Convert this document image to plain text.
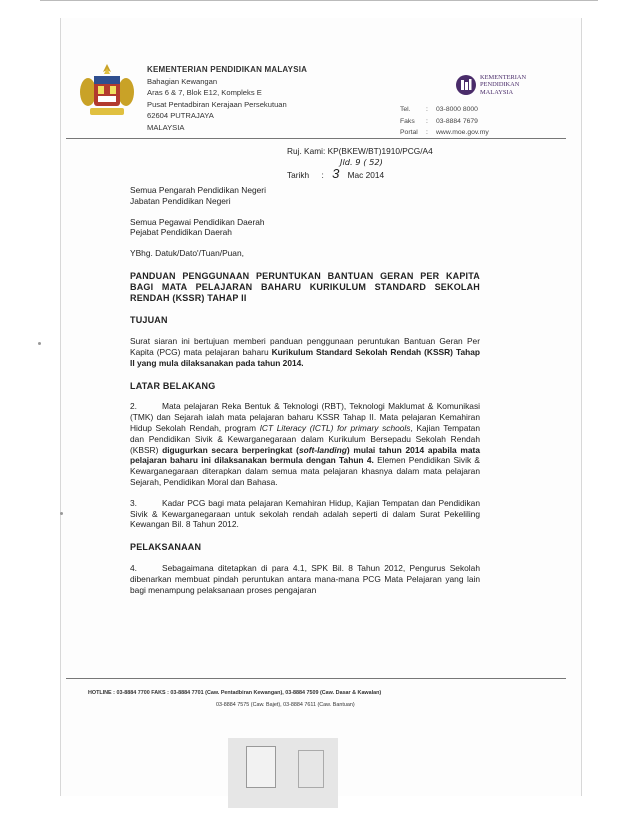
KEMENTERIAN PENDIDIKAN MALAYSIA
Bahagian Kewangan
Aras 6 & 7, Blok E12, Kompleks E
Pusat Pentadbiran Kerajaan Persekutuan
62604 PUTRAJAYA
MALAYSIA
KEMENTERIAN
PENDIDIKAN
MALAYSIA
Tel.	:	03-8000 8000
Faks	:	03-8884 7679
Portal	:	www.moe.gov.my
Ruj. Kami: KP(BKEW/BT)1910/PCG/A4
Jld. 9 ( 52)
Tarikh : 3 Mac 2014

Semua Pengarah Pendidikan Negeri

Jabatan Pendidikan Negeri

Semua Pegawai Pendidikan Daerah

Pejabat Pendidikan Daerah

YBhg. Datuk/Dato'/Tuan/Puan,

PANDUAN PENGGUNAAN PERUNTUKAN BANTUAN GERAN PER KAPITA BAGI MATA PELAJARAN BAHARU KURIKULUM STANDARD SEKOLAH RENDAH (KSSR) TAHAP II

TUJUAN

Surat siaran ini bertujuan memberi panduan penggunaan peruntukan Bantuan Geran Per Kapita (PCG) mata pelajaran baharu Kurikulum Standard Sekolah Rendah (KSSR) Tahap II yang mula dilaksanakan pada tahun 2014.

LATAR BELAKANG

2.	Mata pelajaran Reka Bentuk & Teknologi (RBT), Teknologi Maklumat & Komunikasi (TMK) dan Sejarah ialah mata pelajaran baharu KSSR Tahap II. Mata pelajaran Kemahiran Hidup Sekolah Rendah, program ICT Literacy (ICTL) for primary schools, Kajian Tempatan dan Pendidikan Sivik & Kewarganegaraan dalam Kurikulum Bersepadu Sekolah Rendah (KBSR) digugurkan secara berperingkat (soft-landing) mulai tahun 2014 apabila mata pelajaran baharu ini dilaksanakan bermula dengan Tahun 4. Elemen Pendidikan Sivik & Kewarganegaraan diterapkan dalam semua mata pelajaran khasnya dalam mata pelajaran Sejarah, Pendidikan Moral dan Bahasa.

3.	Kadar PCG bagi mata pelajaran Kemahiran Hidup, Kajian Tempatan dan Pendidikan Sivik & Kewarganegaraan untuk sekolah rendah adalah seperti di dalam Surat Pekeliling Kewangan Bil. 8 Tahun 2012.

PELAKSANAAN

4.	Sebagaimana ditetapkan di para 4.1, SPK Bil. 8 Tahun 2012, Pengurus Sekolah dibenarkan membuat pindah peruntukan antara mana-mana PCG Mata Pelajaran yang lain bagi menampung pelaksanaan proses pengajaran

HOTLINE : 03-8884 7700 FAKS : 03-8884 7701 (Caw. Pentadbiran Kewangan), 03-8884 7509 (Caw. Dasar & Kawalan)
03-8884 7575 (Caw. Bajet), 03-8884 7611 (Caw. Bantuan)
